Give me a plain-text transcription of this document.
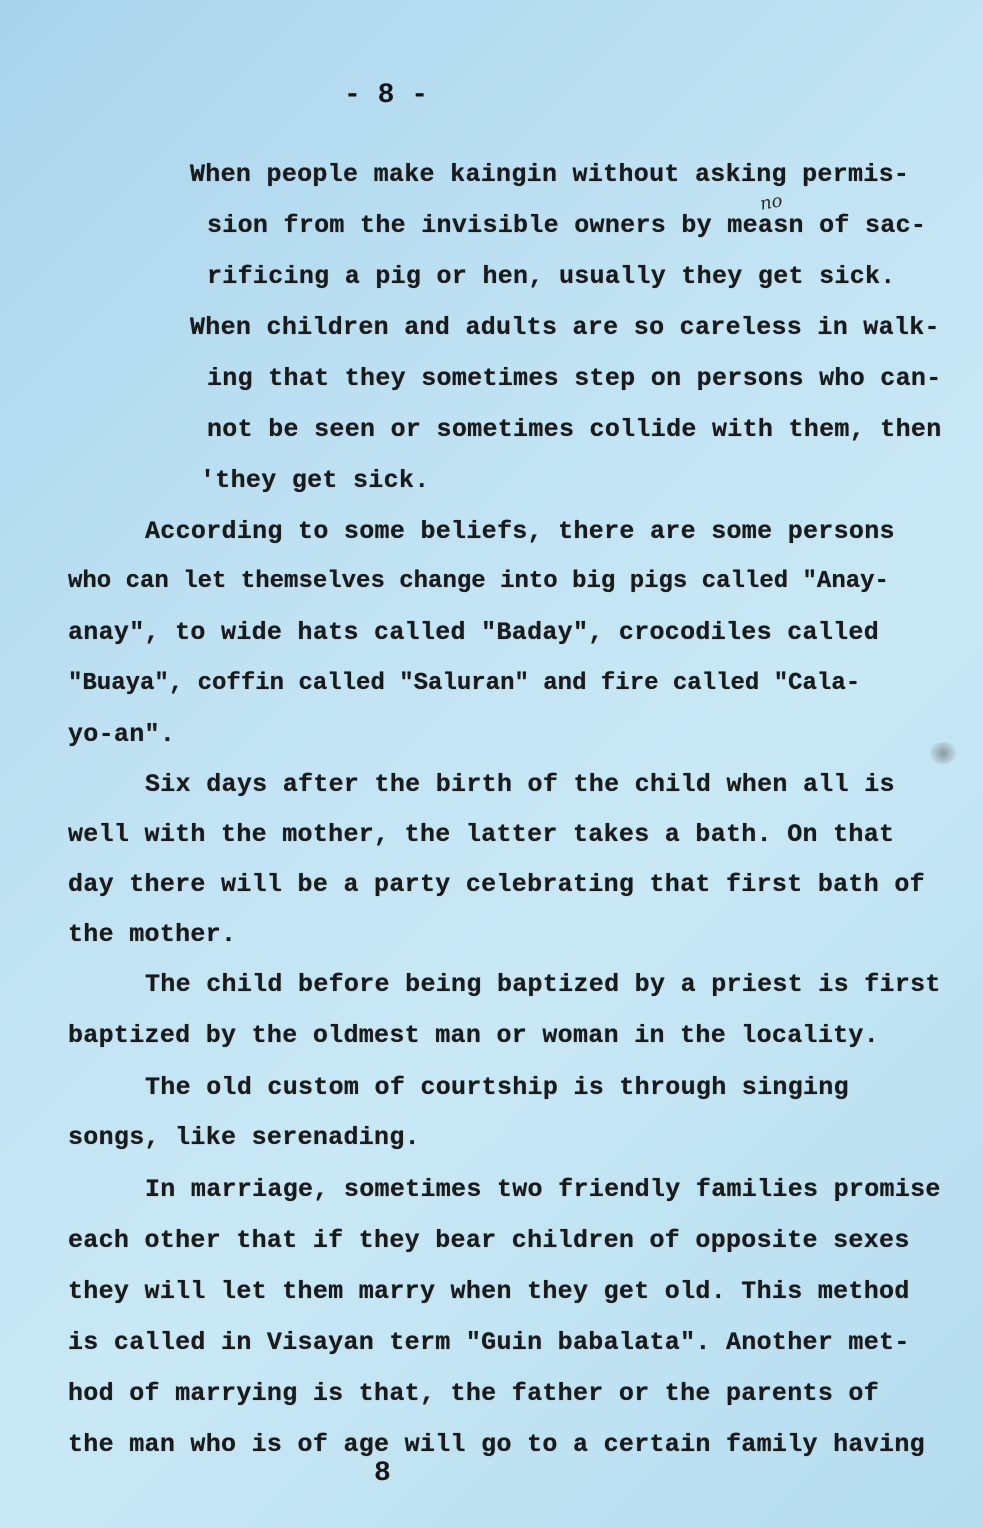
- 8 -
no
When people make kaingin without asking permis-
sion from the invisible owners by measn of sac-
rificing a pig or hen, usually they get sick.
When children and adults are so careless in walk-
ing that they sometimes step on persons who can-
not be seen or sometimes collide with them, then
'they get sick.
According to some beliefs, there are some persons
who can let themselves change into big pigs called "Anay-
anay", to wide hats called "Baday", crocodiles called
"Buaya", coffin called "Saluran" and fire called "Cala-
yo-an".
Six days after the birth of the child when all is
well with the mother, the latter takes a bath. On that
day there will be a party celebrating that first bath of
the mother.
The child before being baptized by a priest is first
baptized by the oldmest man or woman in the locality.
The old custom of courtship is through singing
songs, like serenading.
In marriage, sometimes two friendly families promise
each other that if they bear children of opposite sexes
they will let them marry when they get old. This method
is called in Visayan term "Guin babalata". Another met-
hod of marrying is that, the father or the parents of
the man who is of age will go to a certain family having
8
